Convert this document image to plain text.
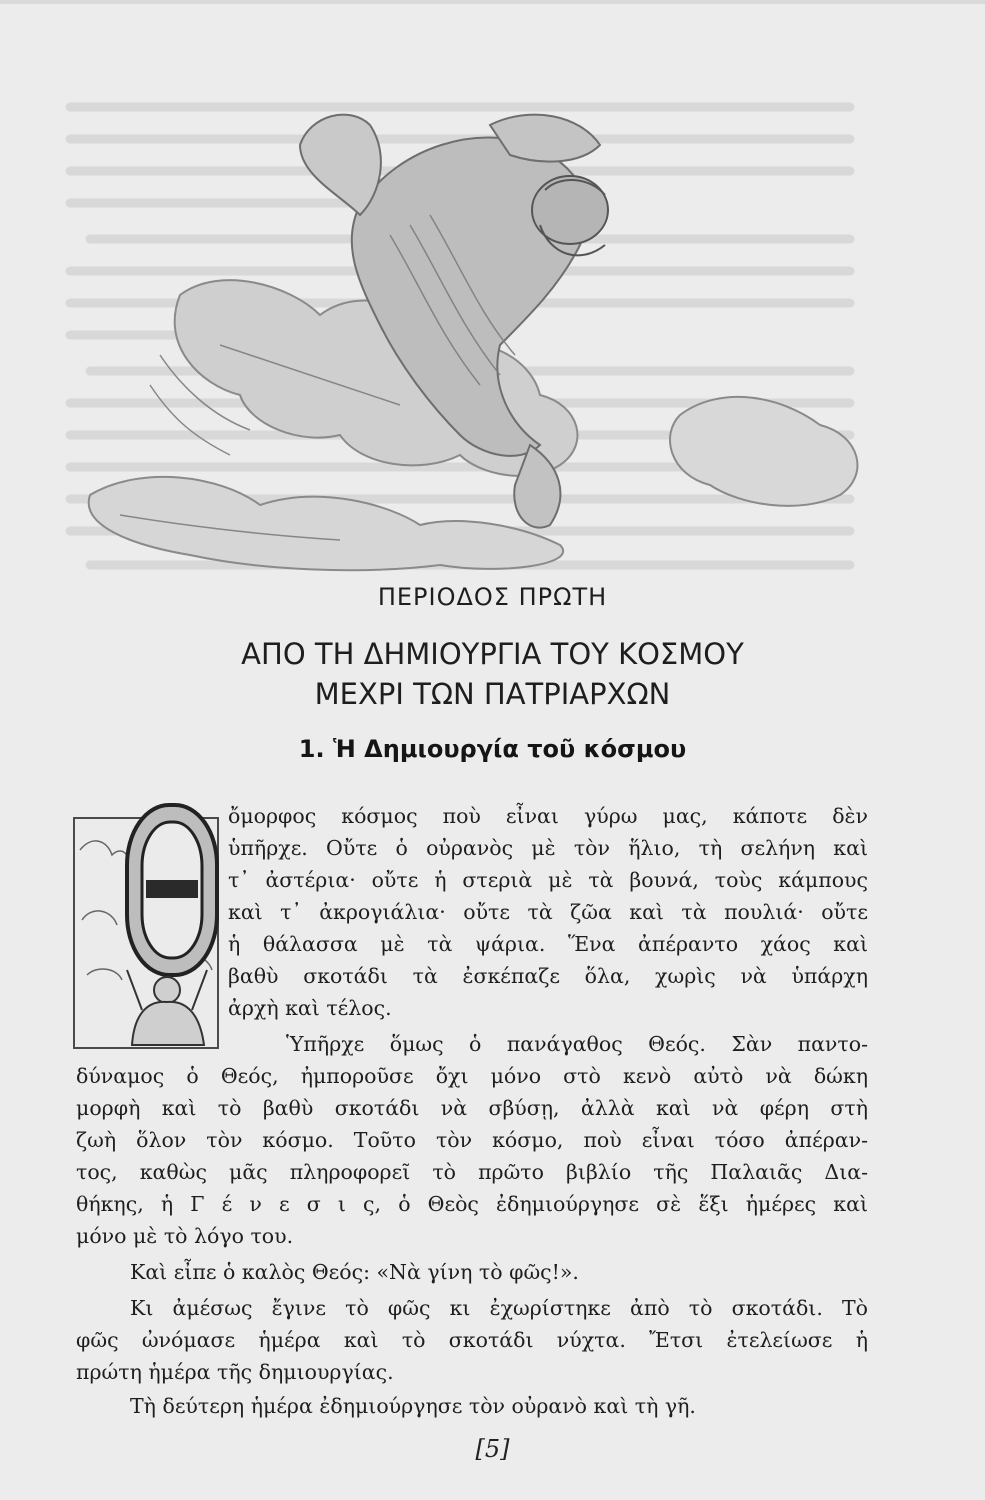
ΠΕΡΙΟΔΟΣ ΠΡΩΤΗ
ΑΠΟ ΤΗ ΔΗΜΙΟΥΡΓΙΑ ΤΟΥ ΚΟΣΜΟΥ
ΜΕΧΡΙ ΤΩΝ ΠΑΤΡΙΑΡΧΩΝ
1. Ἡ Δημιουργία τοῦ κόσμου
ὄμορφος κόσμος ποὺ εἶναι γύρω μας, κάποτε δὲν
ὑπῆρχε. Οὔτε ὁ οὐρανὸς μὲ τὸν ἥλιο, τὴ σελήνη καὶ
τ᾿ ἀστέρια· οὔτε ἡ στεριὰ μὲ τὰ βουνά, τοὺς κάμπους
καὶ τ᾿ ἀκρογιάλια· οὔτε τὰ ζῶα καὶ τὰ πουλιά· οὔτε
ἡ θάλασσα μὲ τὰ ψάρια. Ἕνα ἀπέραντο χάος καὶ
βαθὺ σκοτάδι τὰ ἐσκέπαζε ὅλα, χωρὶς νὰ ὑπάρχη
ἀρχὴ καὶ τέλος.
Ὑπῆρχε ὅμως ὁ πανάγαθος Θεός. Σὰν παντο-
δύναμος ὁ Θεός, ἠμποροῦσε ὄχι μόνο στὸ κενὸ αὐτὸ νὰ δώκη
μορφὴ καὶ τὸ βαθὺ σκοτάδι νὰ σβύσῃ, ἀλλὰ καὶ νὰ φέρη στὴ
ζωὴ ὅλον τὸν κόσμο. Τοῦτο τὸν κόσμο, ποὺ εἶναι τόσο ἀπέραν-
τος, καθὼς μᾶς πληροφορεῖ τὸ πρῶτο βιβλίο τῆς Παλαιᾶς Δια-
θήκης, ἡ Γ έ ν ε σ ι ς, ὁ Θεὸς ἐδημιούργησε σὲ ἕξι ἡμέρες καὶ
μόνο μὲ τὸ λόγο του.
Καὶ εἶπε ὁ καλὸς Θεός: «Νὰ γίνη τὸ φῶς!».
Κι ἀμέσως ἔγινε τὸ φῶς κι ἐχωρίστηκε ἀπὸ τὸ σκοτάδι. Τὸ
φῶς ὠνόμασε ἡμέρα καὶ τὸ σκοτάδι νύχτα. Ἔτσι ἐτελείωσε ἡ
πρώτη ἡμέρα τῆς δημιουργίας.
Τὴ δεύτερη ἡμέρα ἐδημιούργησε τὸν οὐρανὸ καὶ τὴ γῆ.
[5]
